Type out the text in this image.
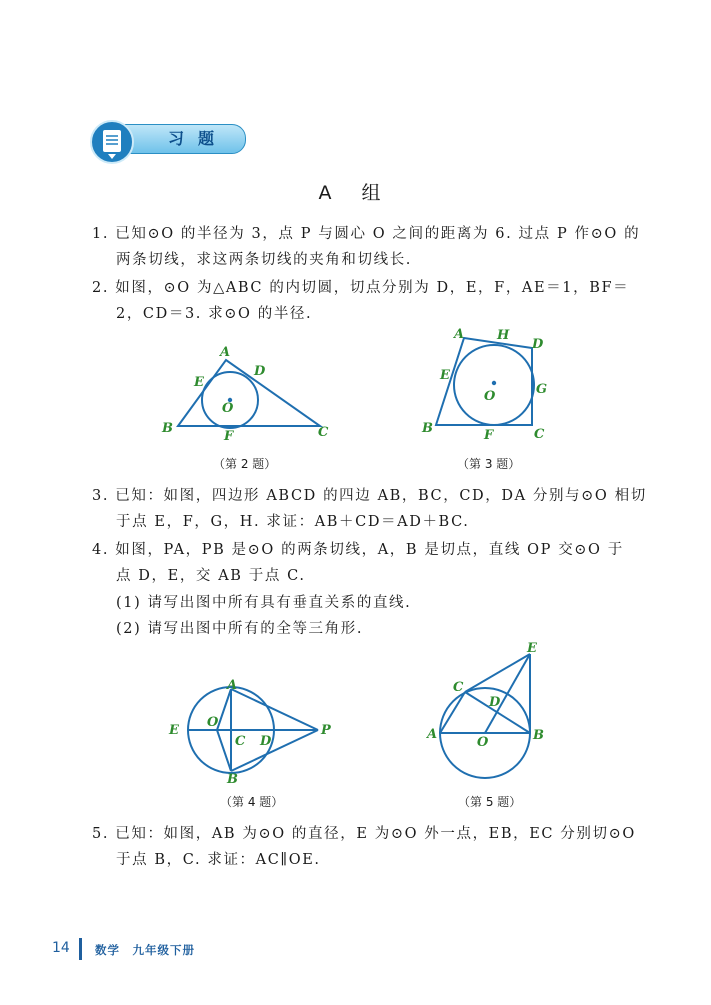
习题
A 组
1. 已知⊙O 的半径为 3，点 P 与圆心 O 之间的距离为 6. 过点 P 作⊙O 的
两条切线，求这两条切线的夹角和切线长.
2. 如图，⊙O 为△ABC 的内切圆，切点分别为 D，E，F，AE＝1，BF＝
2，CD＝3. 求⊙O 的半径.
A
D
E
O
B
F	C
（第 2 题）
A	H
D
E
O	G
B	F	C
（第 3 题）
3. 已知：如图，四边形 ABCD 的四边 AB，BC，CD，DA 分别与⊙O 相切
于点 E，F，G，H. 求证：AB＋CD＝AD＋BC.
4. 如图，PA，PB 是⊙O 的两条切线，A，B 是切点，直线 OP 交⊙O 于
点 D，E，交 AB 于点 C.
(1) 请写出图中所有具有垂直关系的直线.
(2) 请写出图中所有的全等三角形.
A
O
E
C D
P
B
（第 4 题）
E
C
D
A
O	B
（第 5 题）
5. 已知：如图，AB 为⊙O 的直径，E 为⊙O 外一点，EB，EC 分别切⊙O
于点 B，C. 求证：AC∥OE.
14 数学　九年级下册
